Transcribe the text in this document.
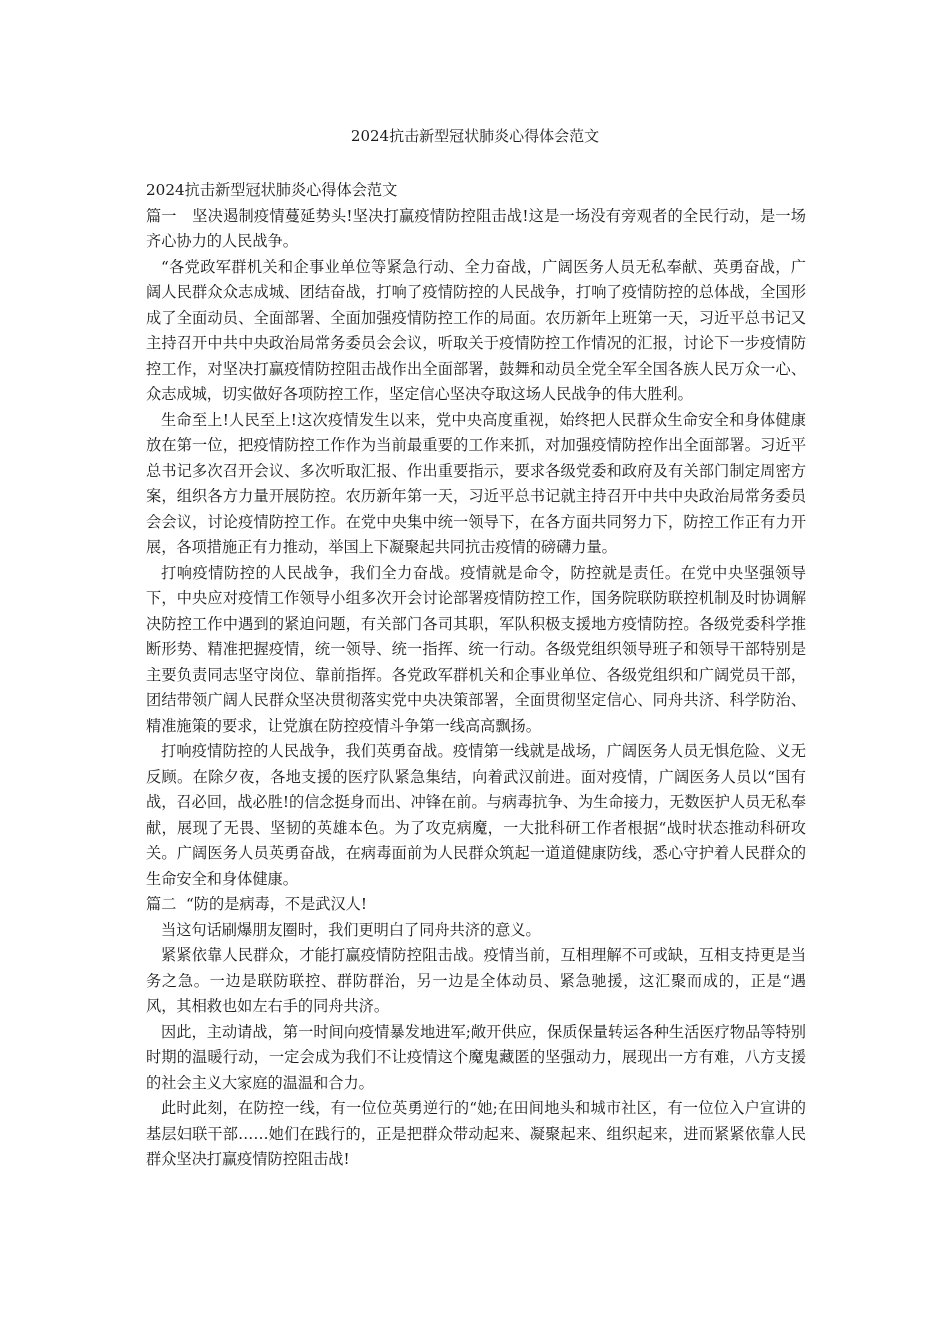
2024抗击新型冠状肺炎心得体会范文

2024抗击新型冠状肺炎心得体会范文

篇一 坚决遏制疫情蔓延势头!坚决打赢疫情防控阻击战!这是一场没有旁观者的全民行动，是一场齐心协力的人民战争。

“各党政军群机关和企事业单位等紧急行动、全力奋战，广阔医务人员无私奉献、英勇奋战，广阔人民群众众志成城、团结奋战，打响了疫情防控的人民战争，打响了疫情防控的总体战，全国形成了全面动员、全面部署、全面加强疫情防控工作的局面。农历新年上班第一天，习近平总书记又主持召开中共中央政治局常务委员会会议，听取关于疫情防控工作情况的汇报，讨论下一步疫情防控工作，对坚决打赢疫情防控阻击战作出全面部署，鼓舞和动员全党全军全国各族人民万众一心、众志成城，切实做好各项防控工作，坚定信心坚决夺取这场人民战争的伟大胜利。

生命至上!人民至上!这次疫情发生以来，党中央高度重视，始终把人民群众生命安全和身体健康放在第一位，把疫情防控工作作为当前最重要的工作来抓，对加强疫情防控作出全面部署。习近平总书记多次召开会议、多次听取汇报、作出重要指示，要求各级党委和政府及有关部门制定周密方案，组织各方力量开展防控。农历新年第一天，习近平总书记就主持召开中共中央政治局常务委员会会议，讨论疫情防控工作。在党中央集中统一领导下，在各方面共同努力下，防控工作正有力开展，各项措施正有力推动，举国上下凝聚起共同抗击疫情的磅礴力量。

打响疫情防控的人民战争，我们全力奋战。疫情就是命令，防控就是责任。在党中央坚强领导下，中央应对疫情工作领导小组多次开会讨论部署疫情防控工作，国务院联防联控机制及时协调解决防控工作中遇到的紧迫问题，有关部门各司其职，军队积极支援地方疫情防控。各级党委科学推断形势、精准把握疫情，统一领导、统一指挥、统一行动。各级党组织领导班子和领导干部特别是主要负责同志坚守岗位、靠前指挥。各党政军群机关和企事业单位、各级党组织和广阔党员干部，团结带领广阔人民群众坚决贯彻落实党中央决策部署，全面贯彻坚定信心、同舟共济、科学防治、精准施策的要求，让党旗在防控疫情斗争第一线高高飘扬。

打响疫情防控的人民战争，我们英勇奋战。疫情第一线就是战场，广阔医务人员无惧危险、义无反顾。在除夕夜，各地支援的医疗队紧急集结，向着武汉前进。面对疫情，广阔医务人员以“国有战，召必回，战必胜!的信念挺身而出、冲锋在前。与病毒抗争、为生命接力，无数医护人员无私奉献，展现了无畏、坚韧的英雄本色。为了攻克病魔，一大批科研工作者根据“战时状态推动科研攻关。广阔医务人员英勇奋战，在病毒面前为人民群众筑起一道道健康防线，悉心守护着人民群众的生命安全和身体健康。

篇二 “防的是病毒，不是武汉人!

当这句话刷爆朋友圈时，我们更明白了同舟共济的意义。

紧紧依靠人民群众，才能打赢疫情防控阻击战。疫情当前，互相理解不可或缺，互相支持更是当务之急。一边是联防联控、群防群治，另一边是全体动员、紧急驰援，这汇聚而成的，正是“遇风，其相救也如左右手的同舟共济。

因此，主动请战，第一时间向疫情暴发地进军;敞开供应，保质保量转运各种生活医疗物品等特别时期的温暖行动，一定会成为我们不让疫情这个魔鬼藏匿的坚强动力，展现出一方有难，八方支援的社会主义大家庭的温温和合力。

此时此刻，在防控一线，有一位位英勇逆行的“她;在田间地头和城市社区，有一位位入户宣讲的基层妇联干部……她们在践行的，正是把群众带动起来、凝聚起来、组织起来，进而紧紧依靠人民群众坚决打赢疫情防控阻击战!
